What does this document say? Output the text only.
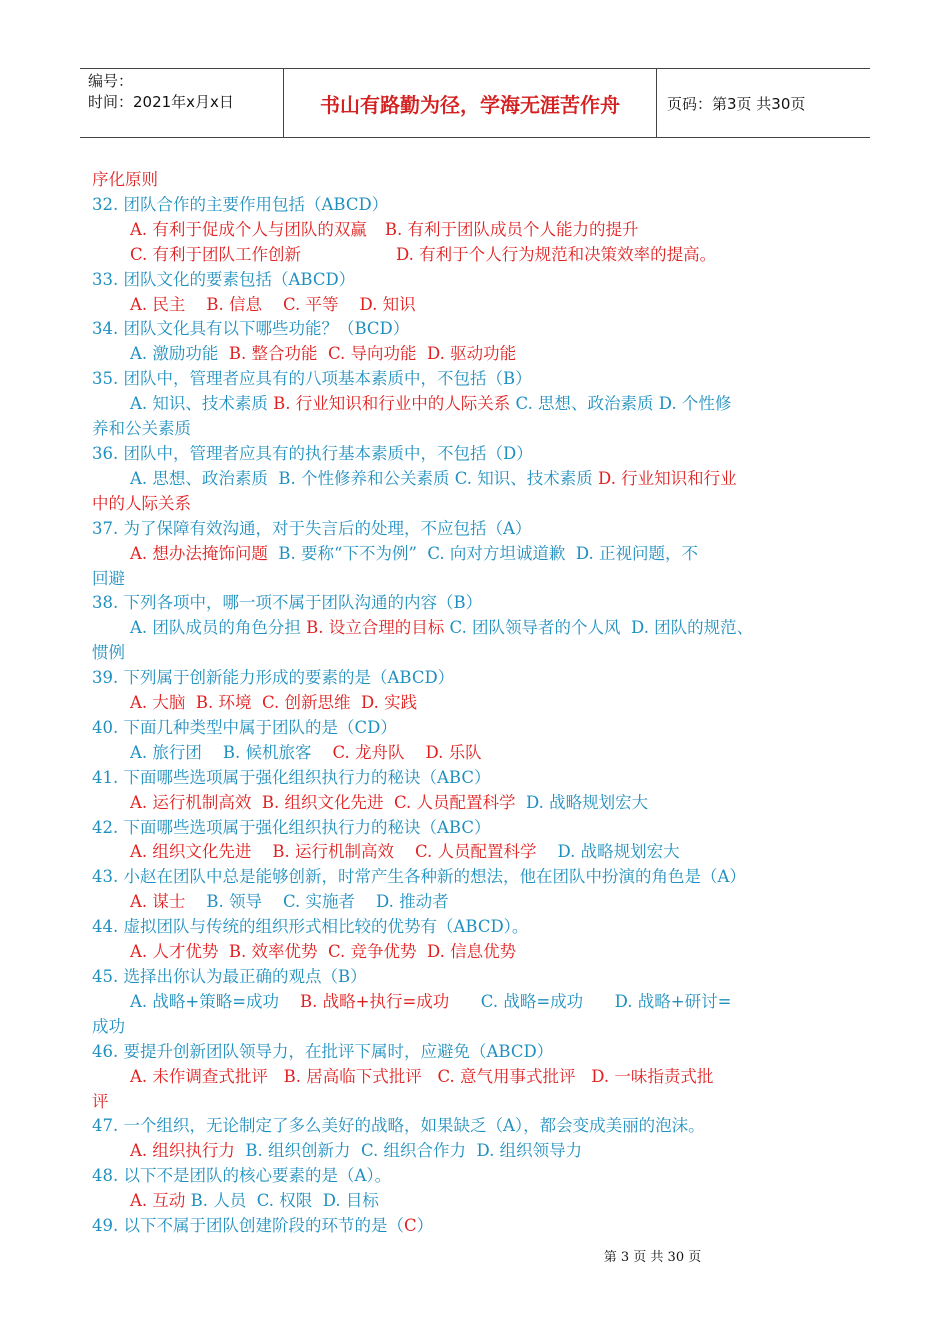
编号：
时间：2021年x月x日	书山有路勤为径，学海无涯苦作舟	页码：第3页 共30页
序化原则
32. 团队合作的主要作用包括（ABCD）
A. 有利于促成个人与团队的双赢 B. 有利于团队成员个人能力的提升
C. 有利于团队工作创新	D. 有利于个人行为规范和决策效率的提高。
33. 团队文化的要素包括（ABCD）
A. 民主    B. 信息    C. 平等    D. 知识
34. 团队文化具有以下哪些功能？（BCD）
A. 激励功能 B. 整合功能  C. 导向功能  D. 驱动功能
35. 团队中，管理者应具有的八项基本素质中，不包括（B）
A. 知识、技术素质 B. 行业知识和行业中的人际关系 C. 思想、政治素质 D. 个性修
养和公关素质
36. 团队中，管理者应具有的执行基本素质中，不包括（D）
A. 思想、政治素质  B. 个性修养和公关素质 C. 知识、技术素质 D. 行业知识和行业
中的人际关系
37. 为了保障有效沟通，对于失言后的处理，不应包括（A）
A. 想办法掩饰问题 B. 要称“下不为例”  C. 向对方坦诚道歉  D. 正视问题，不
回避
38. 下列各项中，哪一项不属于团队沟通的内容（B）
A. 团队成员的角色分担 B. 设立合理的目标 C. 团队领导者的个人风  D. 团队的规范、
惯例
39. 下列属于创新能力形成的要素的是（ABCD）
A. 大脑  B. 环境  C. 创新思维  D. 实践
40. 下面几种类型中属于团队的是（CD）
A. 旅行团    B. 候机旅客 C. 龙舟队    D. 乐队
41. 下面哪些选项属于强化组织执行力的秘诀（ABC）
A. 运行机制高效  B. 组织文化先进  C. 人员配置科学 D. 战略规划宏大
42. 下面哪些选项属于强化组织执行力的秘诀（ABC）
A. 组织文化先进    B. 运行机制高效    C. 人员配置科学 D. 战略规划宏大
43. 小赵在团队中总是能够创新，时常产生各种新的想法，他在团队中扮演的角色是（A）
A. 谋士 B. 领导    C. 实施者    D. 推动者
44. 虚拟团队与传统的组织形式相比较的优势有（ABCD）。
A. 人才优势  B. 效率优势  C. 竞争优势  D. 信息优势
45. 选择出你认为最正确的观点（B）
A. 战略+策略=成功 B. 战略+执行=成功 C. 战略=成功      D. 战略+研讨=
成功
46. 要提升创新团队领导力，在批评下属时，应避免（ABCD）
A. 未作调查式批评   B. 居高临下式批评   C. 意气用事式批评   D. 一味指责式批
评
47. 一个组织，无论制定了多么美好的战略，如果缺乏（A），都会变成美丽的泡沫。
A. 组织执行力 B. 组织创新力  C. 组织合作力  D. 组织领导力
48. 以下不是团队的核心要素的是（A）。
A. 互动 B. 人员  C. 权限  D. 目标
49. 以下不属于团队创建阶段的环节的是（C）
第 3 页 共 30 页
